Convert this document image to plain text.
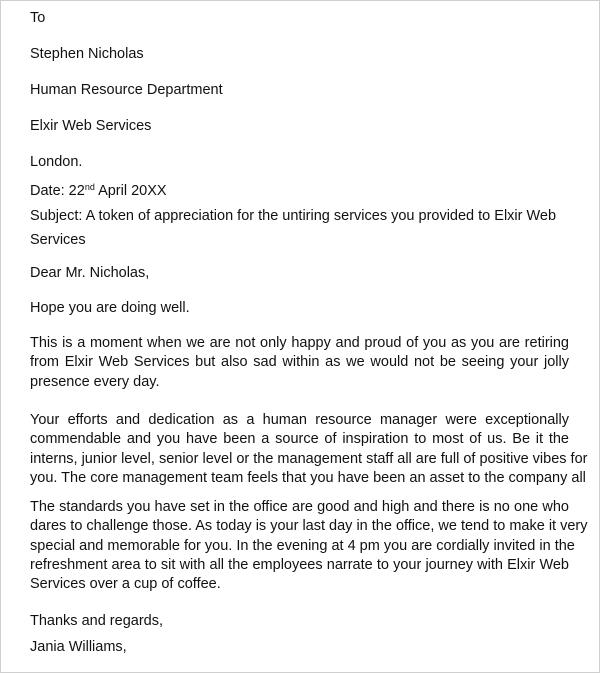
To
Stephen Nicholas
Human Resource Department
Elxir Web Services
London.
Date: 22nd April 20XX
Subject: A token of appreciation for the untiring services you provided to Elxir Web
Services
Dear Mr. Nicholas,
Hope you are doing well.
This is a moment when we are not only happy and proud of you as you are retiring
from Elxir Web Services but also sad within as we would not be seeing your jolly
presence every day.
Your efforts and dedication as a human resource manager were exceptionally
commendable and you have been a source of inspiration to most of us. Be it the
interns, junior level, senior level or the management staff all are full of positive vibes for
you. The core management team feels that you have been an asset to the company all
The standards you have set in the office are good and high and there is no one who
dares to challenge those. As today is your last day in the office, we tend to make it very
special and memorable for you. In the evening at 4 pm you are cordially invited in the
refreshment area to sit with all the employees narrate to your journey with Elxir Web
Services over a cup of coffee.
Thanks and regards,
Jania Williams,
